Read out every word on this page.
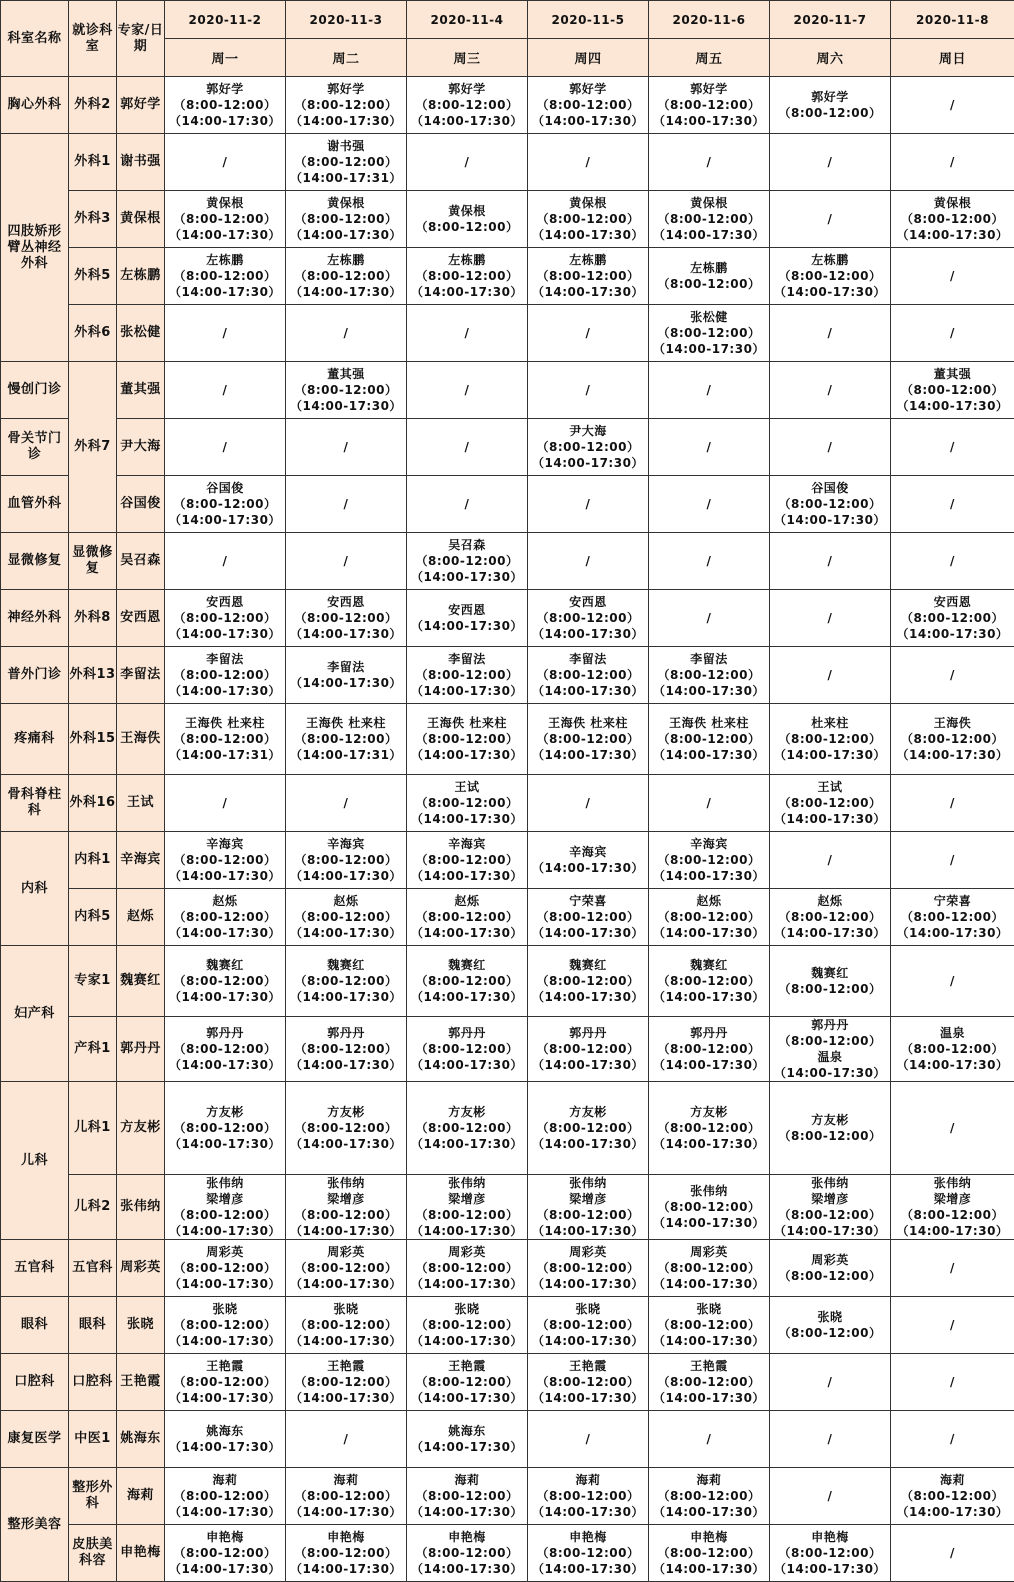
科室名称	就诊科室	专家/日期	2020-11-2	2020-11-3	2020-11-4	2020-11-5	2020-11-6	2020-11-7	2020-11-8
			周一	周二	周三	周四	周五	周六	周日
胸心外科	外科2	郭好学	郭好学
（8:00-12:00）
（14:00-17:30）	郭好学
（8:00-12:00）
（14:00-17:30）	郭好学
（8:00-12:00）
（14:00-17:30）	郭好学
（8:00-12:00）
（14:00-17:30）	郭好学
（8:00-12:00）
（14:00-17:30）	郭好学
（8:00-12:00）	/

四肢矫形臂丛神经外科	外科1	谢书强	/	谢书强
（8:00-12:00）
（14:00-17:31）	/	/	/	/	/

	外科3	黄保根	黄保根
（8:00-12:00）
（14:00-17:30）	黄保根
（8:00-12:00）
（14:00-17:30）	黄保根
（8:00-12:00）	黄保根
（8:00-12:00）
（14:00-17:30）	黄保根
（8:00-12:00）
（14:00-17:30）	/	黄保根
（8:00-12:00）
（14:00-17:30）

	外科5	左栋鹏	左栋鹏
（8:00-12:00）
（14:00-17:30）	左栋鹏
（8:00-12:00）
（14:00-17:30）	左栋鹏
（8:00-12:00）
（14:00-17:30）	左栋鹏
（8:00-12:00）
（14:00-17:30）	左栋鹏
（8:00-12:00）	左栋鹏
（8:00-12:00）
（14:00-17:30）	/

	外科6	张松健	/	/	/	/	张松健
（8:00-12:00）
（14:00-17:30）	/	/

慢创门诊	外科7	董其强	/	董其强
（8:00-12:00）
（14:00-17:30）	/	/	/	/	董其强
（8:00-12:00）
（14:00-17:30）

骨关节门诊		尹大海	/	/	/	尹大海
（8:00-12:00）
（14:00-17:30）	/	/	/

血管外科		谷国俊	谷国俊
（8:00-12:00）
（14:00-17:30）	/	/	/	/	谷国俊
（8:00-12:00）
（14:00-17:30）	/

显微修复	显微修复	吴召森	/	/	吴召森
（8:00-12:00）
（14:00-17:30）	/	/	/	/

神经外科	外科8	安西恩	安西恩
（8:00-12:00）
（14:00-17:30）	安西恩
（8:00-12:00）
（14:00-17:30）	安西恩
（14:00-17:30）	安西恩
（8:00-12:00）
（14:00-17:30）	/	/	安西恩
（8:00-12:00）
（14:00-17:30）

普外门诊	外科13	李留法	李留法
（8:00-12:00）
（14:00-17:30）	李留法
（14:00-17:30）	李留法
（8:00-12:00）
（14:00-17:30）	李留法
（8:00-12:00）
（14:00-17:30）	李留法
（8:00-12:00）
（14:00-17:30）	/	/

疼痛科	外科15	王海佚	王海佚 杜来柱
（8:00-12:00）
（14:00-17:31）	王海佚 杜来柱
（8:00-12:00）
（14:00-17:31）	王海佚 杜来柱
（8:00-12:00）
（14:00-17:30）	王海佚 杜来柱
（8:00-12:00）
（14:00-17:30）	王海佚 杜来柱
（8:00-12:00）
（14:00-17:30）	杜来柱
（8:00-12:00）
（14:00-17:30）	王海佚
（8:00-12:00）
（14:00-17:30）

骨科脊柱科	外科16	王试	/	/	王试
（8:00-12:00）
（14:00-17:30）	/	/	王试
（8:00-12:00）
（14:00-17:30）	/

内科	内科1	辛海宾	辛海宾
（8:00-12:00）
（14:00-17:30）	辛海宾
（8:00-12:00）
（14:00-17:30）	辛海宾
（8:00-12:00）
（14:00-17:30）	辛海宾
（14:00-17:30）	辛海宾
（8:00-12:00）
（14:00-17:30）	/	/

	内科5	赵烁	赵烁
（8:00-12:00）
（14:00-17:30）	赵烁
（8:00-12:00）
（14:00-17:30）	赵烁
（8:00-12:00）
（14:00-17:30）	宁荣喜
（8:00-12:00）
（14:00-17:30）	赵烁
（8:00-12:00）
（14:00-17:30）	赵烁
（8:00-12:00）
（14:00-17:30）	宁荣喜
（8:00-12:00）
（14:00-17:30）

妇产科	专家1	魏赛红	魏赛红
（8:00-12:00）
（14:00-17:30）	魏赛红
（8:00-12:00）
（14:00-17:30）	魏赛红
（8:00-12:00）
（14:00-17:30）	魏赛红
（8:00-12:00）
（14:00-17:30）	魏赛红
（8:00-12:00）
（14:00-17:30）	魏赛红
（8:00-12:00）	/

	产科1	郭丹丹	郭丹丹
（8:00-12:00）
（14:00-17:30）	郭丹丹
（8:00-12:00）
（14:00-17:30）	郭丹丹
（8:00-12:00）
（14:00-17:30）	郭丹丹
（8:00-12:00）
（14:00-17:30）	郭丹丹
（8:00-12:00）
（14:00-17:30）	郭丹丹
（8:00-12:00）
温泉
（14:00-17:30）	温泉
（8:00-12:00）
（14:00-17:30）

儿科	儿科1	方友彬	方友彬
（8:00-12:00）
（14:00-17:30）	方友彬
（8:00-12:00）
（14:00-17:30）	方友彬
（8:00-12:00）
（14:00-17:30）	方友彬
（8:00-12:00）
（14:00-17:30）	方友彬
（8:00-12:00）
（14:00-17:30）	方友彬
（8:00-12:00）	/

	儿科2	张伟纳	张伟纳
梁增彦
（8:00-12:00）
（14:00-17:30）	张伟纳
梁增彦
（8:00-12:00）
（14:00-17:30）	张伟纳
梁增彦
（8:00-12:00）
（14:00-17:30）	张伟纳
梁增彦
（8:00-12:00）
（14:00-17:30）	张伟纳
（8:00-12:00）
（14:00-17:30）	张伟纳
梁增彦
（8:00-12:00）
（14:00-17:30）	张伟纳
梁增彦
（8:00-12:00）
（14:00-17:30）

五官科	五官科	周彩英	周彩英
（8:00-12:00）
（14:00-17:30）	周彩英
（8:00-12:00）
（14:00-17:30）	周彩英
（8:00-12:00）
（14:00-17:30）	周彩英
（8:00-12:00）
（14:00-17:30）	周彩英
（8:00-12:00）
（14:00-17:30）	周彩英
（8:00-12:00）	/

眼科	眼科	张晓	张晓
（8:00-12:00）
（14:00-17:30）	张晓
（8:00-12:00）
（14:00-17:30）	张晓
（8:00-12:00）
（14:00-17:30）	张晓
（8:00-12:00）
（14:00-17:30）	张晓
（8:00-12:00）
（14:00-17:30）	张晓
（8:00-12:00）	/

口腔科	口腔科	王艳霞	王艳霞
（8:00-12:00）
（14:00-17:30）	王艳霞
（8:00-12:00）
（14:00-17:30）	王艳霞
（8:00-12:00）
（14:00-17:30）	王艳霞
（8:00-12:00）
（14:00-17:30）	王艳霞
（8:00-12:00）
（14:00-17:30）	/	/

康复医学	中医1	姚海东	姚海东
（14:00-17:30）	/	姚海东
（14:00-17:30）	/	/	/	/

整形美容	整形外科	海莉	海莉
（8:00-12:00）
（14:00-17:30）	海莉
（8:00-12:00）
（14:00-17:30）	海莉
（8:00-12:00）
（14:00-17:30）	海莉
（8:00-12:00）
（14:00-17:30）	海莉
（8:00-12:00）
（14:00-17:30）	/	海莉
（8:00-12:00）
（14:00-17:30）

	皮肤美科容	申艳梅	申艳梅
（8:00-12:00）
（14:00-17:30）	申艳梅
（8:00-12:00）
（14:00-17:30）	申艳梅
（8:00-12:00）
（14:00-17:30）	申艳梅
（8:00-12:00）
（14:00-17:30）	申艳梅
（8:00-12:00）
（14:00-17:30）	申艳梅
（8:00-12:00）
（14:00-17:30）	/
